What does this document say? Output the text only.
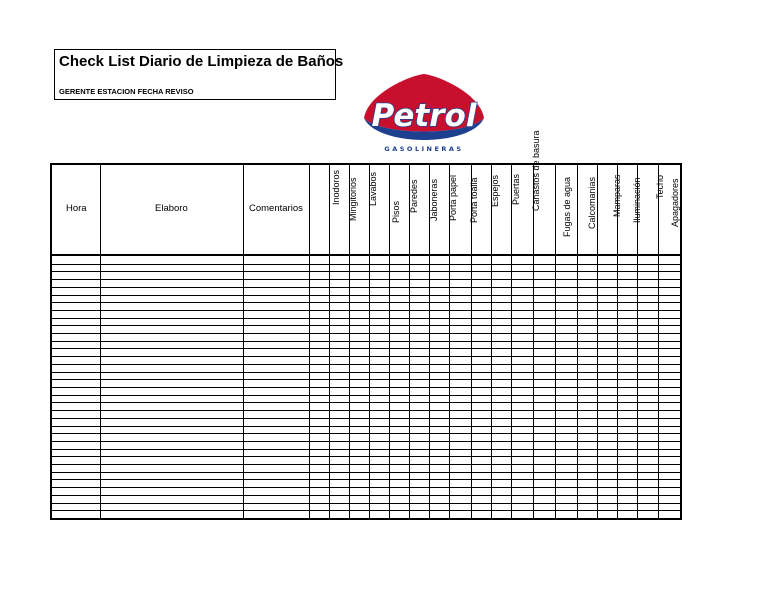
Check List Diario de Limpieza de Baños
GERENTE ESTACION FECHA REVISO
Petrol
GASOLINERAS
Hora	Elaboro	Comentarios
Inodoros Mingitorios Lavabos
Pisos Paredes Jaboneras Porta papel Porta toalla Espejos Puertas Canastos de basura Fugas de agua Calcomanias Mamparas Iluminación Techo Apagadores
